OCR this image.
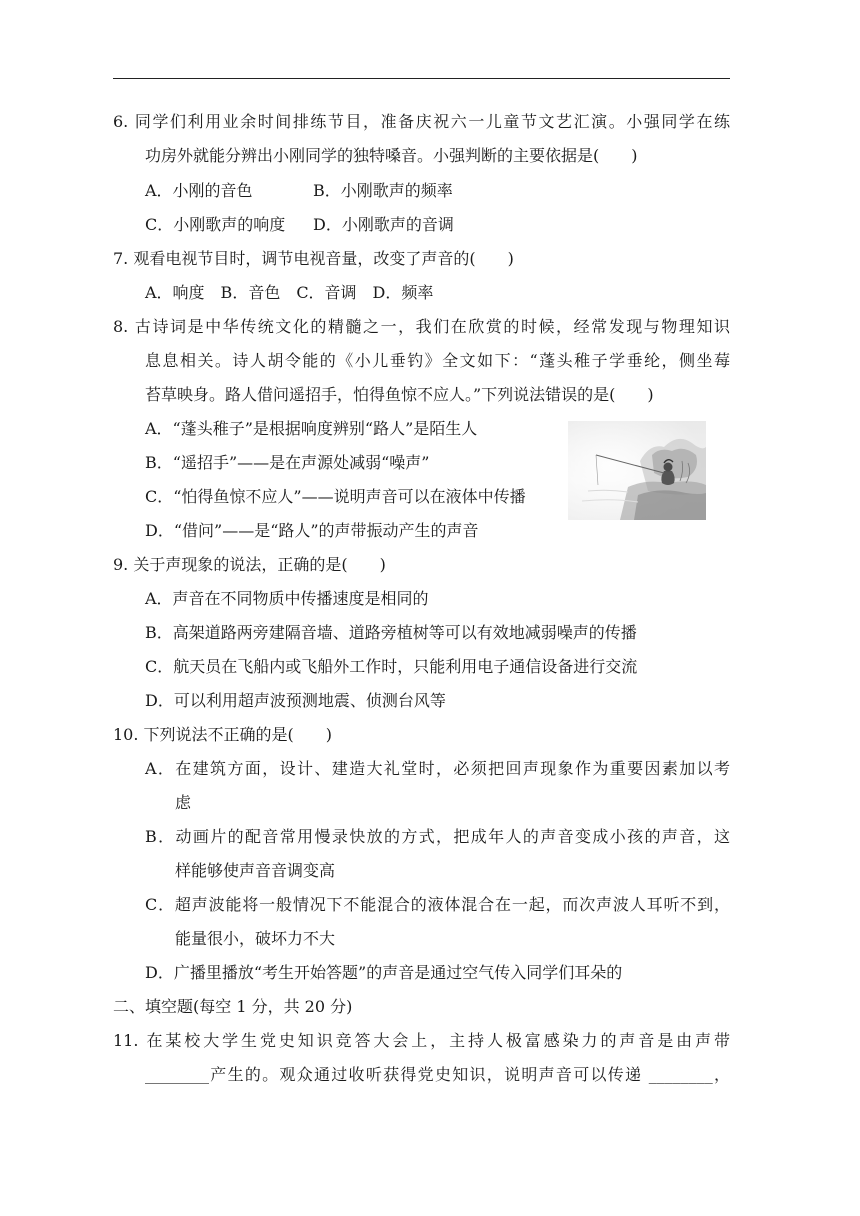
6. 同学们利用业余时间排练节目，准备庆祝六一儿童节文艺汇演。小强同学在练
功房外就能分辨出小刚同学的独特嗓音。小强判断的主要依据是(　　)
A．小刚的音色	B．小刚歌声的频率
C．小刚歌声的响度 D．小刚歌声的音调
7. 观看电视节目时，调节电视音量，改变了声音的(　　)
A．响度　B．音色　C．音调　D．频率
8. 古诗词是中华传统文化的精髓之一，我们在欣赏的时候，经常发现与物理知识
息息相关。诗人胡令能的《小儿垂钓》全文如下：“蓬头稚子学垂纶，侧坐莓
苔草映身。路人借问遥招手，怕得鱼惊不应人。”下列说法错误的是(　　)
A．“蓬头稚子”是根据响度辨别“路人”是陌生人
B．“遥招手”——是在声源处减弱“噪声”
C．“怕得鱼惊不应人”——说明声音可以在液体中传播
D．“借问”——是“路人”的声带振动产生的声音
9. 关于声现象的说法，正确的是(　　)
A．声音在不同物质中传播速度是相同的
B．高架道路两旁建隔音墙、道路旁植树等可以有效地减弱噪声的传播
C．航天员在飞船内或飞船外工作时，只能利用电子通信设备进行交流
D．可以利用超声波预测地震、侦测台风等
10. 下列说法不正确的是(　　)
A．在建筑方面，设计、建造大礼堂时，必须把回声现象作为重要因素加以考
虑
B．动画片的配音常用慢录快放的方式，把成年人的声音变成小孩的声音，这
样能够使声音音调变高
C．超声波能将一般情况下不能混合的液体混合在一起，而次声波人耳听不到，
能量很小，破坏力不大
D．广播里播放“考生开始答题”的声音是通过空气传入同学们耳朵的
二、填空题(每空 1 分，共 20 分)
11. 在某校大学生党史知识竞答大会上，主持人极富感染力的声音是由声带
________产生的。观众通过收听获得党史知识，说明声音可以传递 ________，
